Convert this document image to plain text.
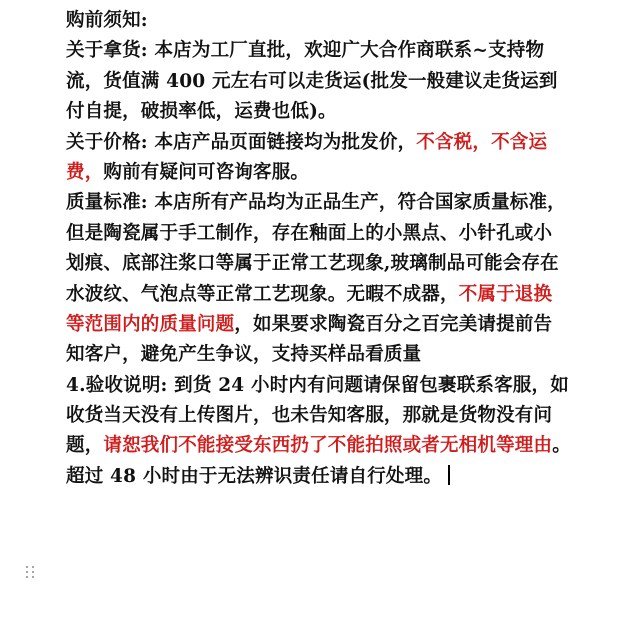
购前须知:
关于拿货: 本店为工厂直批，欢迎广大合作商联系~支持物
流，货值满 400 元左右可以走货运(批发一般建议走货运到
付自提，破损率低，运费也低)。
关于价格: 本店产品页面链接均为批发价，不含税，不含运
费，购前有疑问可咨询客服。
质量标准: 本店所有产品均为正品生产，符合国家质量标准，
但是陶瓷属于手工制作，存在釉面上的小黑点、小针孔或小
划痕、底部注浆口等属于正常工艺现象,玻璃制品可能会存在
水波纹、气泡点等正常工艺现象。无暇不成器，不属于退换
等范围内的质量问题，如果要求陶瓷百分之百完美请提前告
知客户，避免产生争议，支持买样品看质量
4.验收说明: 到货 24 小时内有问题请保留包裹联系客服，如
收货当天没有上传图片，也未告知客服，那就是货物没有问
题，请恕我们不能接受东西扔了不能拍照或者无相机等理由。
超过 48 小时由于无法辨识责任请自行处理。
